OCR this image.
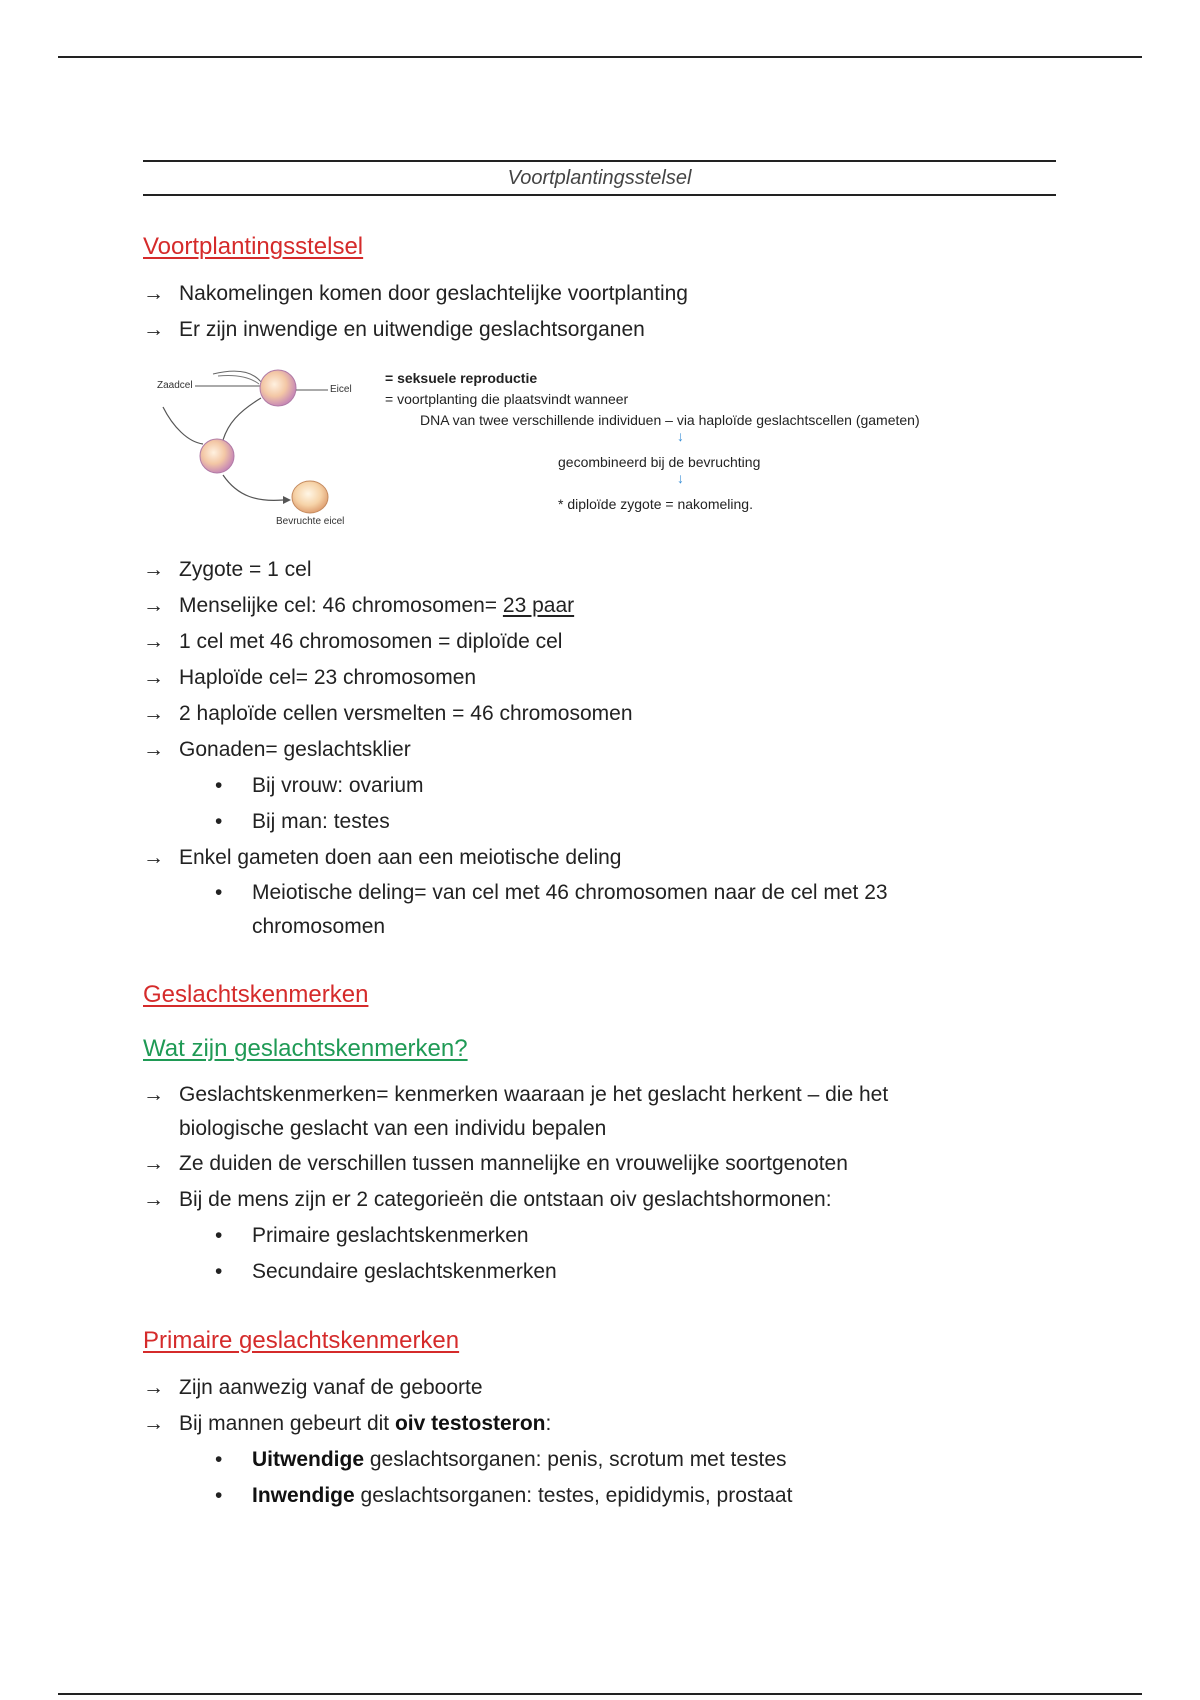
Voortplantingsstelsel
Voortplantingsstelsel
→ Nakomelingen komen door geslachtelijke voortplanting
→ Er zijn inwendige en uitwendige geslachtsorganen
Zaadcel	Eicel
Bevruchte eicel
= seksuele reproductie
= voortplanting die plaatsvindt wanneer
DNA van twee verschillende individuen – via haploïde geslachtscellen (gameten)
↓
gecombineerd bij de bevruchting
↓
* diploïde zygote = nakomeling.
→ Zygote = 1 cel
→ Menselijke cel: 46 chromosomen= 23 paar
→ 1 cel met 46 chromosomen = diploïde cel
→ Haploïde cel= 23 chromosomen
→ 2 haploïde cellen versmelten = 46 chromosomen
→ Gonaden= geslachtsklier
• Bij vrouw: ovarium
• Bij man: testes
→ Enkel gameten doen aan een meiotische deling
• Meiotische deling= van cel met 46 chromosomen naar de cel met 23
chromosomen
Geslachtskenmerken
Wat zijn geslachtskenmerken?
→ Geslachtskenmerken= kenmerken waaraan je het geslacht herkent – die het
biologische geslacht van een individu bepalen
→ Ze duiden de verschillen tussen mannelijke en vrouwelijke soortgenoten
→ Bij de mens zijn er 2 categorieën die ontstaan oiv geslachtshormonen:
• Primaire geslachtskenmerken
• Secundaire geslachtskenmerken
Primaire geslachtskenmerken
→ Zijn aanwezig vanaf de geboorte
→ Bij mannen gebeurt dit oiv testosteron:
• Uitwendige geslachtsorganen: penis, scrotum met testes
• Inwendige geslachtsorganen: testes, epididymis, prostaat
